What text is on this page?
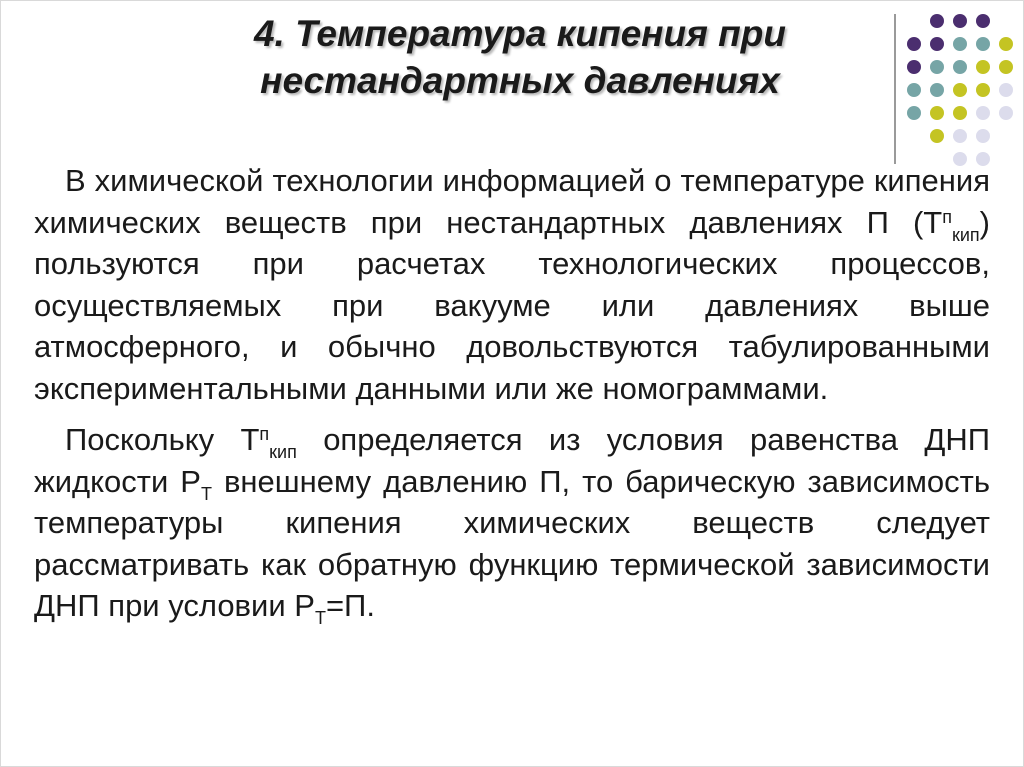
4. Температура кипения при
нестандартных давлениях

В химической технологии информацией о температуре кипения химических веществ при нестандартных давлениях П $(Т^п_{кип})$ пользуются при расчетах технологических процессов, осуществляемых при вакууме или давлениях выше атмосферного, и обычно довольствуются табулированными экспериментальными данными или же номограммами.

Поскольку $Т^п_{кип}$ определяется из условия равенства ДНП жидкости $Р_Т$ внешнему давлению П, то барическую зависимость температуры кипения химических веществ следует рассматривать как обратную функцию термической зависимости ДНП при условии $Р_Т=П$.
